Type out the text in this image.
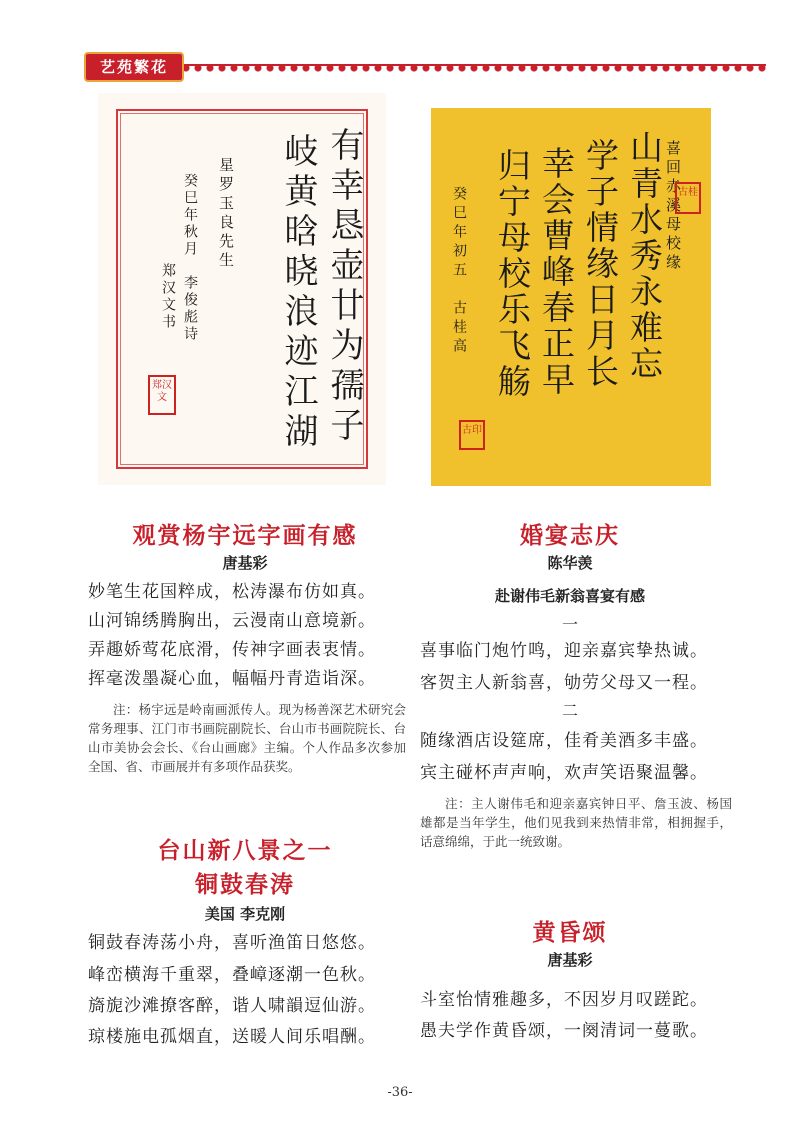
艺苑繁花
有幸恳壶廿为孺子
岐黄晗晓浪迹江湖
星罗玉良先生
癸巳年秋月　李俊彪诗
郑汉文书
郑汉文
喜回赤溪母校缘
山青水秀永难忘
学子情缘日月长
幸会曹峰春正早
归宁母校乐飞觞
癸巳年初五　古桂高	古桂
古印
观赏杨宇远字画有感
唐基彩
妙笔生花国粹成，松涛瀑布仿如真。
山河锦绣腾胸出，云漫南山意境新。
弄趣娇莺花底滑，传神字画表衷情。
挥毫泼墨凝心血，幅幅丹青造诣深。
注：杨宇远是岭南画派传人。现为杨善深艺术研究会常务理事、江门市书画院副院长、台山市书画院院长、台山市美协会会长、《台山画廊》主编。个人作品多次参加全国、省、市画展并有多项作品获奖。
台山新八景之一
铜鼓春涛
美国 李克刚
铜鼓春涛荡小舟，喜听渔笛日悠悠。
峰峦横海千重翠，叠嶂逐潮一色秋。
旖旎沙滩撩客醉，谐人啸韻逗仙游。
琼楼施电孤烟直，送暖人间乐唱酬。
婚宴志庆
陈华羡
赴谢伟毛新翁喜宴有感
一
喜事临门炮竹鸣，迎亲嘉宾挚热诚。
客贺主人新翁喜，劬劳父母又一程。
二
随缘酒店设筵席，佳肴美酒多丰盛。
宾主碰杯声声响，欢声笑语聚温馨。
注：主人谢伟毛和迎亲嘉宾钟日平、詹玉波、杨国雄都是当年学生，他们见我到来热情非常，相拥握手，话意绵绵，于此一统致谢。
黄昏颂
唐基彩
斗室怡情雅趣多，不因岁月叹蹉跎。
愚夫学作黄昏颂，一阕清词一蔓歌。
-36-
